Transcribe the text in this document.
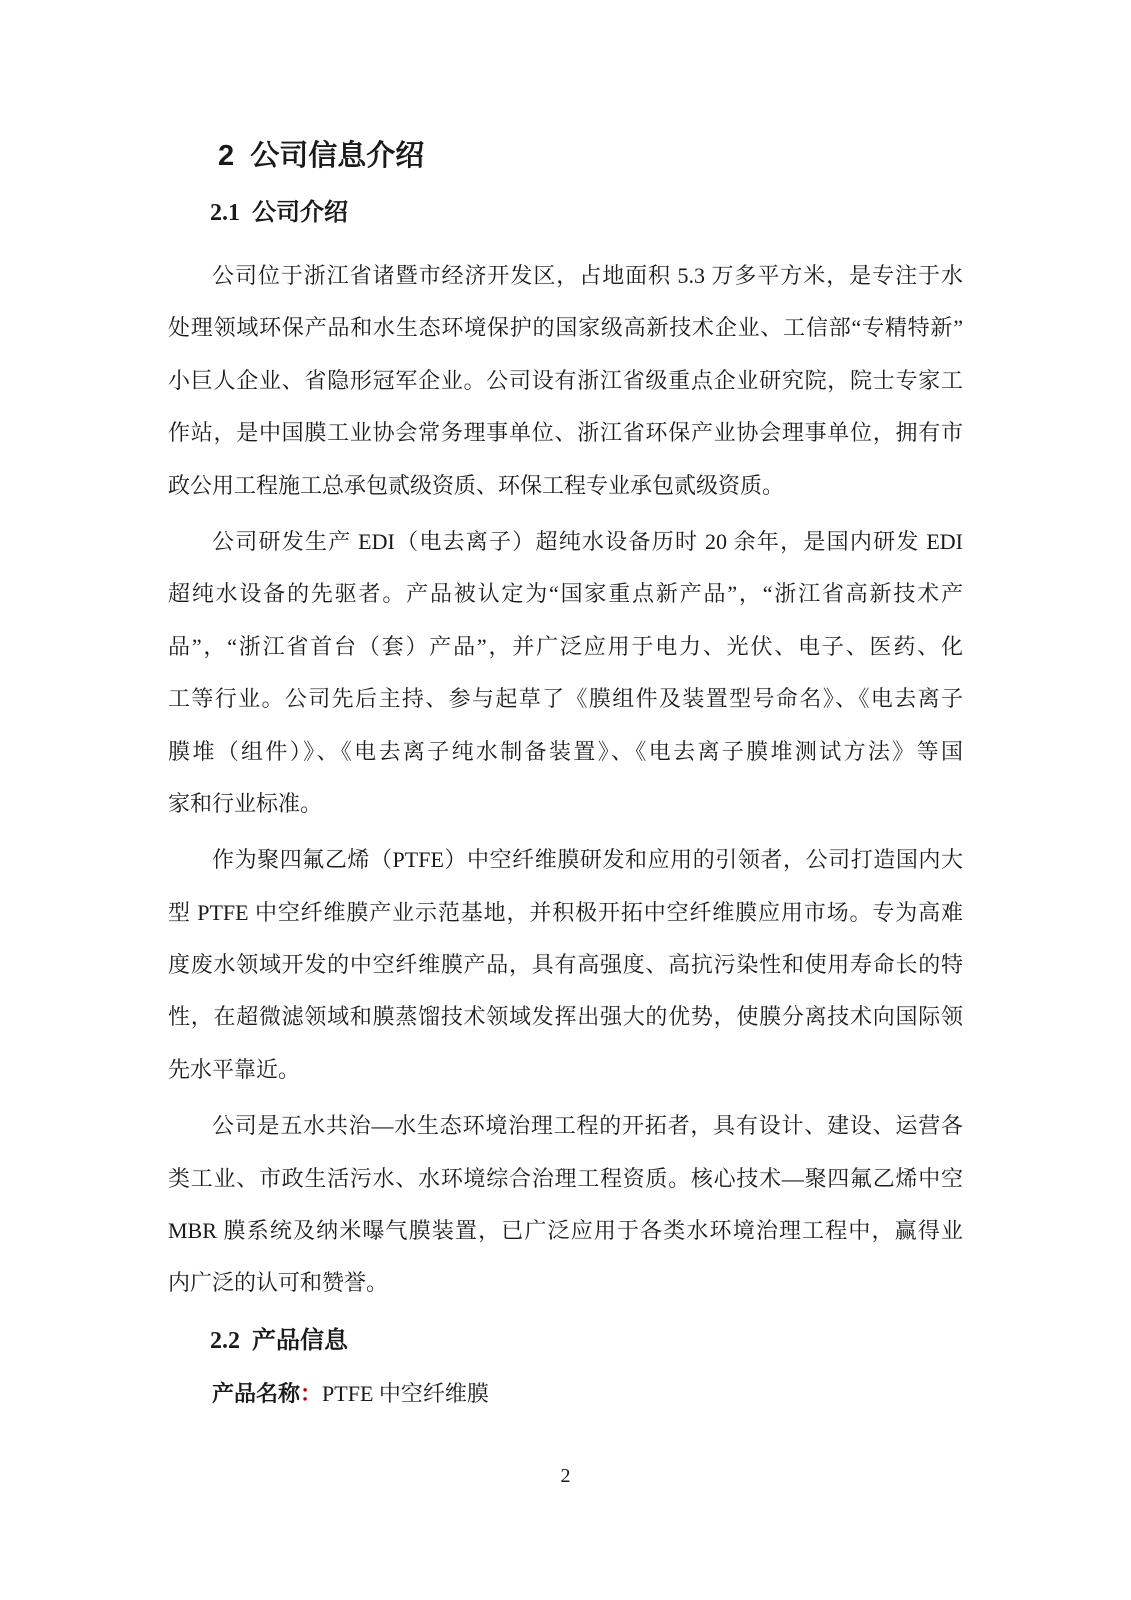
2  公司信息介绍
2.1  公司介绍
公司位于浙江省诸暨市经济开发区，占地面积 5.3 万多平方米，是专注于水
处理领域环保产品和水生态环境保护的国家级高新技术企业、工信部“专精特新”
小巨人企业、省隐形冠军企业。公司设有浙江省级重点企业研究院，院士专家工
作站，是中国膜工业协会常务理事单位、浙江省环保产业协会理事单位，拥有市
政公用工程施工总承包贰级资质、环保工程专业承包贰级资质。
公司研发生产 EDI（电去离子）超纯水设备历时 20 余年，是国内研发 EDI
超纯水设备的先驱者。产品被认定为“国家重点新产品”，“浙江省高新技术产
品”，“浙江省首台（套）产品”，并广泛应用于电力、光伏、电子、医药、化
工等行业。公司先后主持、参与起草了《膜组件及装置型号命名》、《电去离子
膜堆（组件）》、《电去离子纯水制备装置》、《电去离子膜堆测试方法》等国
家和行业标准。
作为聚四氟乙烯（PTFE）中空纤维膜研发和应用的引领者，公司打造国内大
型 PTFE 中空纤维膜产业示范基地，并积极开拓中空纤维膜应用市场。专为高难
度废水领域开发的中空纤维膜产品，具有高强度、高抗污染性和使用寿命长的特
性，在超微滤领域和膜蒸馏技术领域发挥出强大的优势，使膜分离技术向国际领
先水平靠近。
公司是五水共治—水生态环境治理工程的开拓者，具有设计、建设、运营各
类工业、市政生活污水、水环境综合治理工程资质。核心技术—聚四氟乙烯中空
MBR 膜系统及纳米曝气膜装置，已广泛应用于各类水环境治理工程中，赢得业
内广泛的认可和赞誉。
2.2  产品信息
产品名称：PTFE 中空纤维膜
2
